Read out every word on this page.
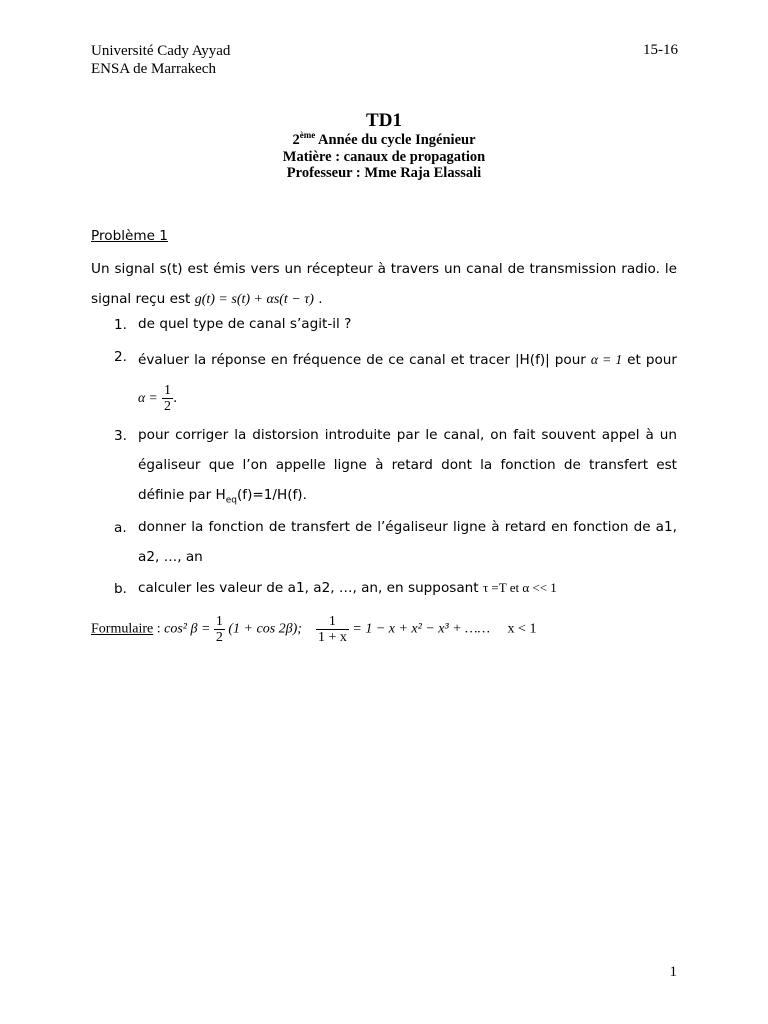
Université Cady Ayyad
ENSA de Marrakech
15-16
TD1
2ème Année du cycle Ingénieur
Matière : canaux de propagation
Professeur : Mme Raja Elassali
Problème 1
Un signal s(t) est émis vers un récepteur à travers un canal de transmission radio. le signal reçu est g(t) = s(t) + αs(t − τ) .
1. de quel type de canal s’agit-il ?
2. évaluer la réponse en fréquence de ce canal et tracer |H(f)| pour α = 1 et pour $\alpha = \frac{1}{2}$ .
3. pour corriger la distorsion introduite par le canal, on fait souvent appel à un égaliseur que l’on appelle ligne à retard dont la fonction de transfert est définie par $H_{eq}(f)=1/H(f)$.
a. donner la fonction de transfert de l’égaliseur ligne à retard en fonction de a1, a2, …, an
b. calculer les valeur de a1, a2, …, an, en supposant τ =T et α << 1
Formulaire : cos² $\beta = \frac{1}{2} (1 + \cos 2\beta)$; $\frac{1}{1 + x} = 1 - x + x^2 - x^3$ + …… x < 1
1
